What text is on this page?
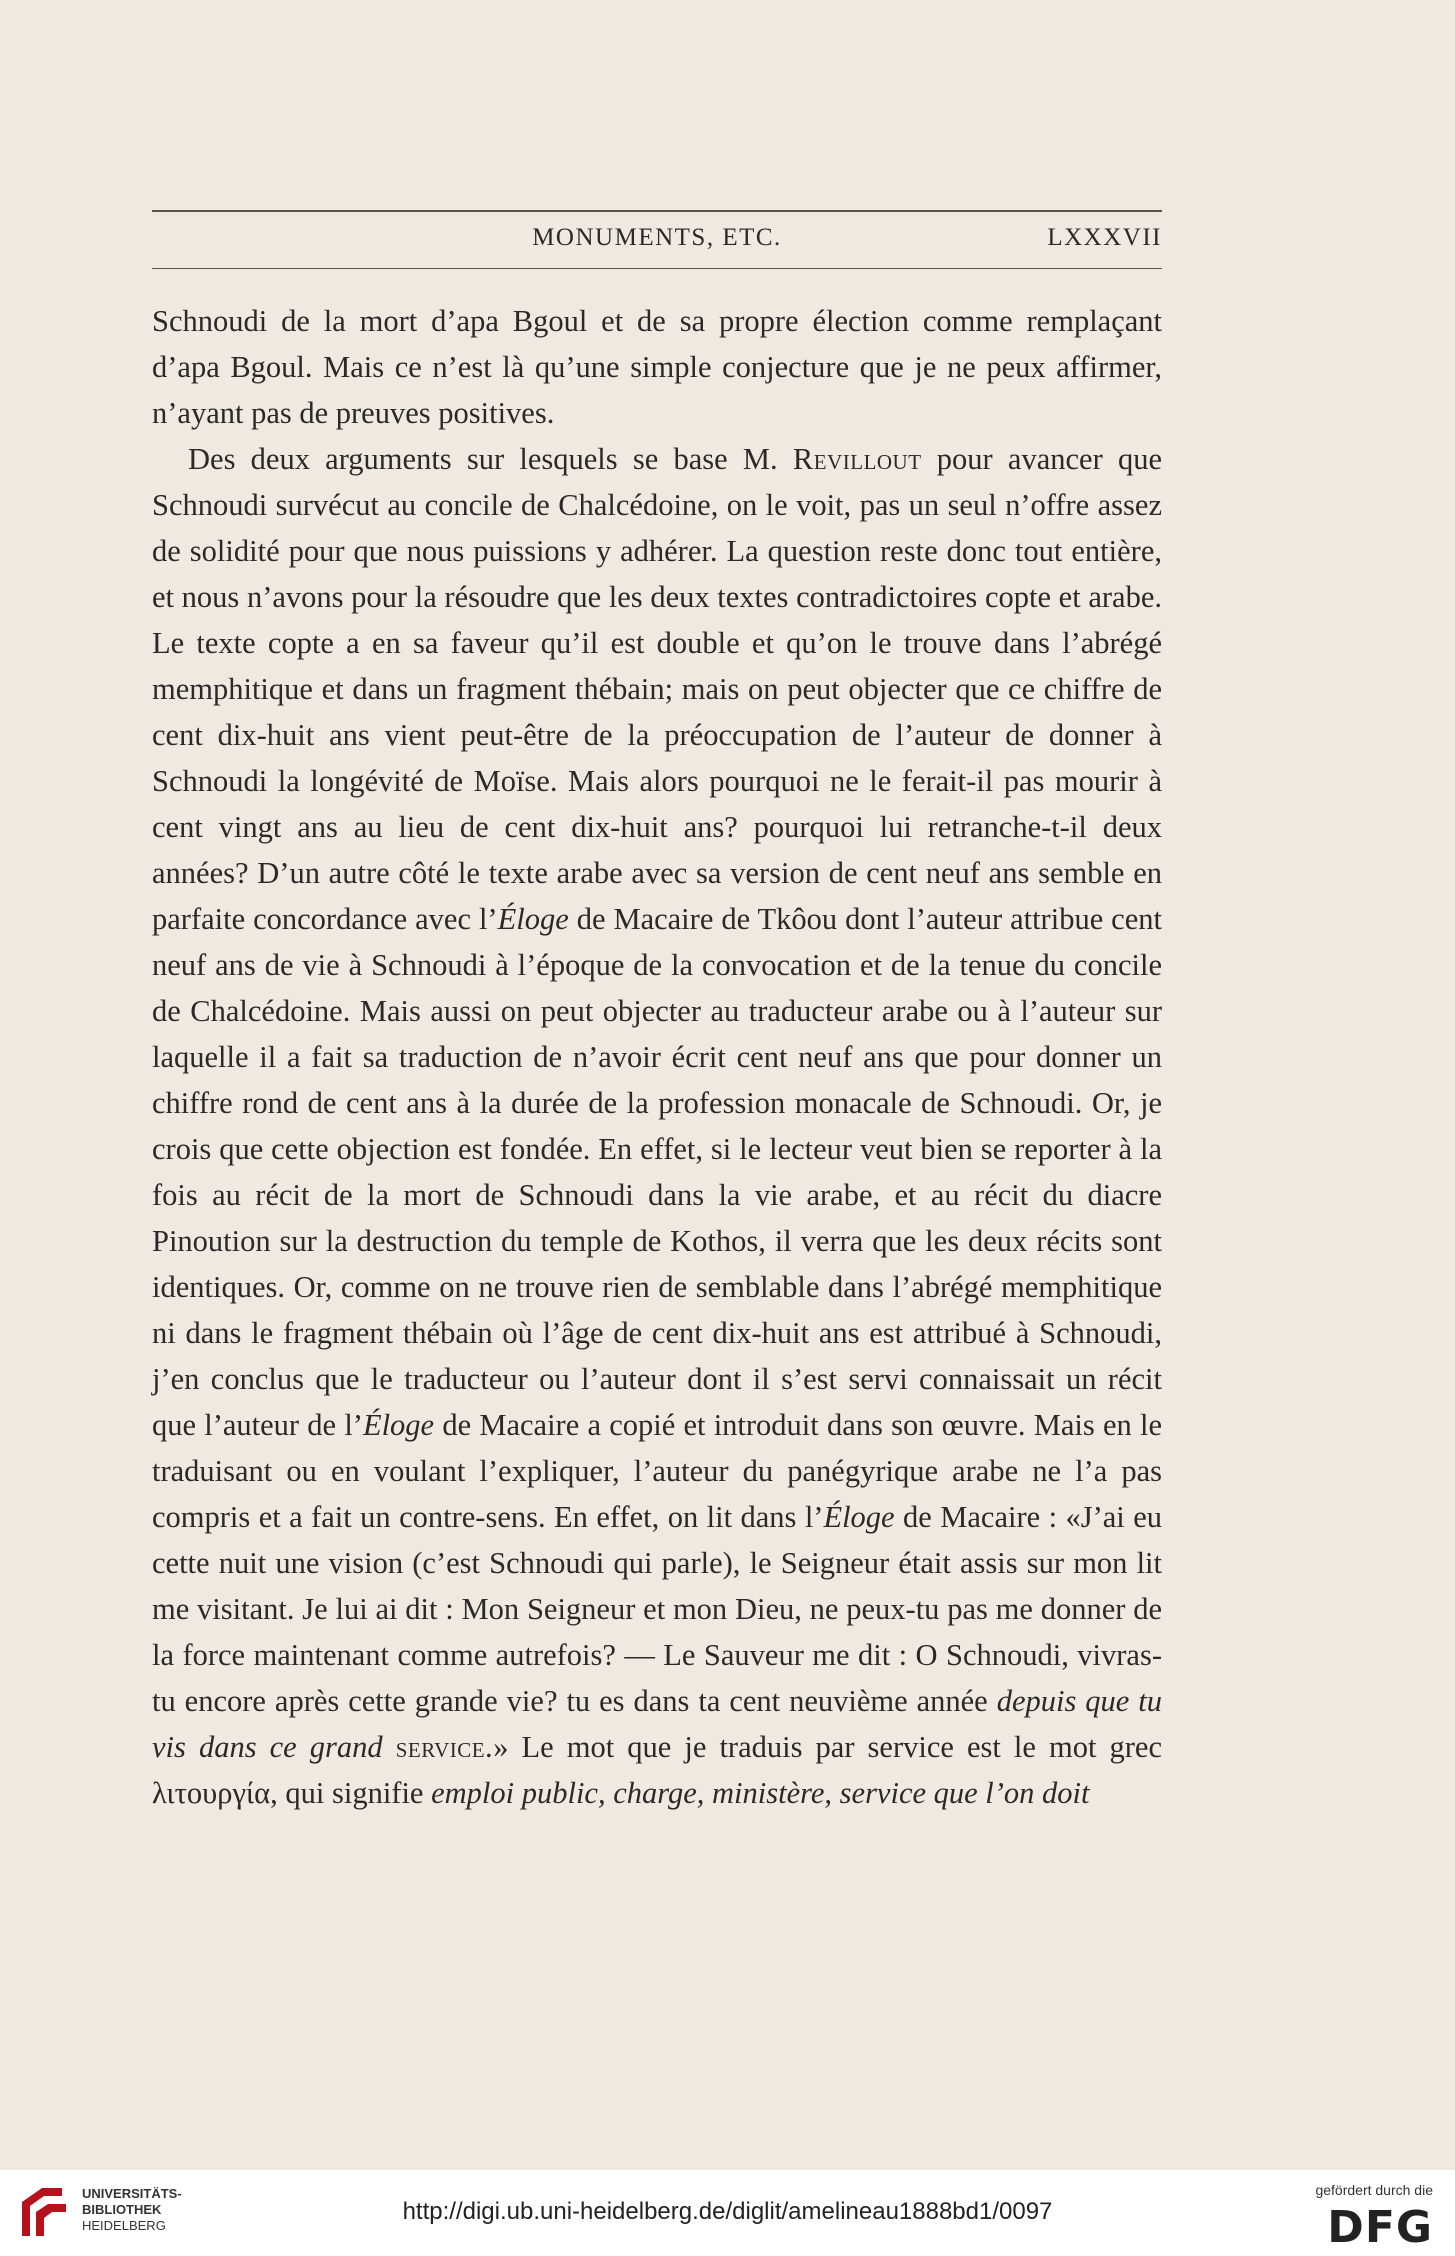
MONUMENTS, ETC.	LXXXVII

Schnoudi de la mort d’apa Bgoul et de sa propre élection comme remplaçant d’apa Bgoul. Mais ce n’est là qu’une simple conjecture que je ne peux affirmer, n’ayant pas de preuves positives.

Des deux arguments sur lesquels se base M. Revillout pour avancer que Schnoudi survécut au concile de Chalcédoine, on le voit, pas un seul n’offre assez de solidité pour que nous puissions y adhérer. La question reste donc tout entière, et nous n’avons pour la résoudre que les deux textes contradictoires copte et arabe. Le texte copte a en sa faveur qu’il est double et qu’on le trouve dans l’abrégé memphitique et dans un fragment thébain; mais on peut objecter que ce chiffre de cent dix-huit ans vient peut-être de la préoccupation de l’auteur de donner à Schnoudi la longévité de Moïse. Mais alors pourquoi ne le ferait-il pas mourir à cent vingt ans au lieu de cent dix-huit ans? pourquoi lui retranche-t-il deux années? D’un autre côté le texte arabe avec sa version de cent neuf ans semble en parfaite concordance avec l’Éloge de Macaire de Tkôou dont l’auteur attribue cent neuf ans de vie à Schnoudi à l’époque de la convocation et de la tenue du concile de Chalcédoine. Mais aussi on peut objecter au traducteur arabe ou à l’auteur sur laquelle il a fait sa traduction de n’avoir écrit cent neuf ans que pour donner un chiffre rond de cent ans à la durée de la profession monacale de Schnoudi. Or, je crois que cette objection est fondée. En effet, si le lecteur veut bien se reporter à la fois au récit de la mort de Schnoudi dans la vie arabe, et au récit du diacre Pinoution sur la destruction du temple de Kothos, il verra que les deux récits sont identiques. Or, comme on ne trouve rien de semblable dans l’abrégé memphitique ni dans le fragment thébain où l’âge de cent dix-huit ans est attribué à Schnoudi, j’en conclus que le traducteur ou l’auteur dont il s’est servi connaissait un récit que l’auteur de l’Éloge de Macaire a copié et introduit dans son œuvre. Mais en le traduisant ou en voulant l’expliquer, l’auteur du panégyrique arabe ne l’a pas compris et a fait un contre-sens. En effet, on lit dans l’Éloge de Macaire : «J’ai eu cette nuit une vision (c’est Schnoudi qui parle), le Seigneur était assis sur mon lit me visitant. Je lui ai dit : Mon Seigneur et mon Dieu, ne peux-tu pas me donner de la force maintenant comme autrefois? — Le Sauveur me dit : O Schnoudi, vivras-tu encore après cette grande vie? tu es dans ta cent neuvième année depuis que tu vis dans ce grand service.» Le mot que je traduis par service est le mot grec λιτουργία, qui signifie emploi public, charge, ministère, service que l’on doit

UNIVERSITÄTS-
BIBLIOTHEK
HEIDELBERG
http://digi.ub.uni-heidelberg.de/diglit/amelineau1888bd1/0097
gefördert durch die
DFG
